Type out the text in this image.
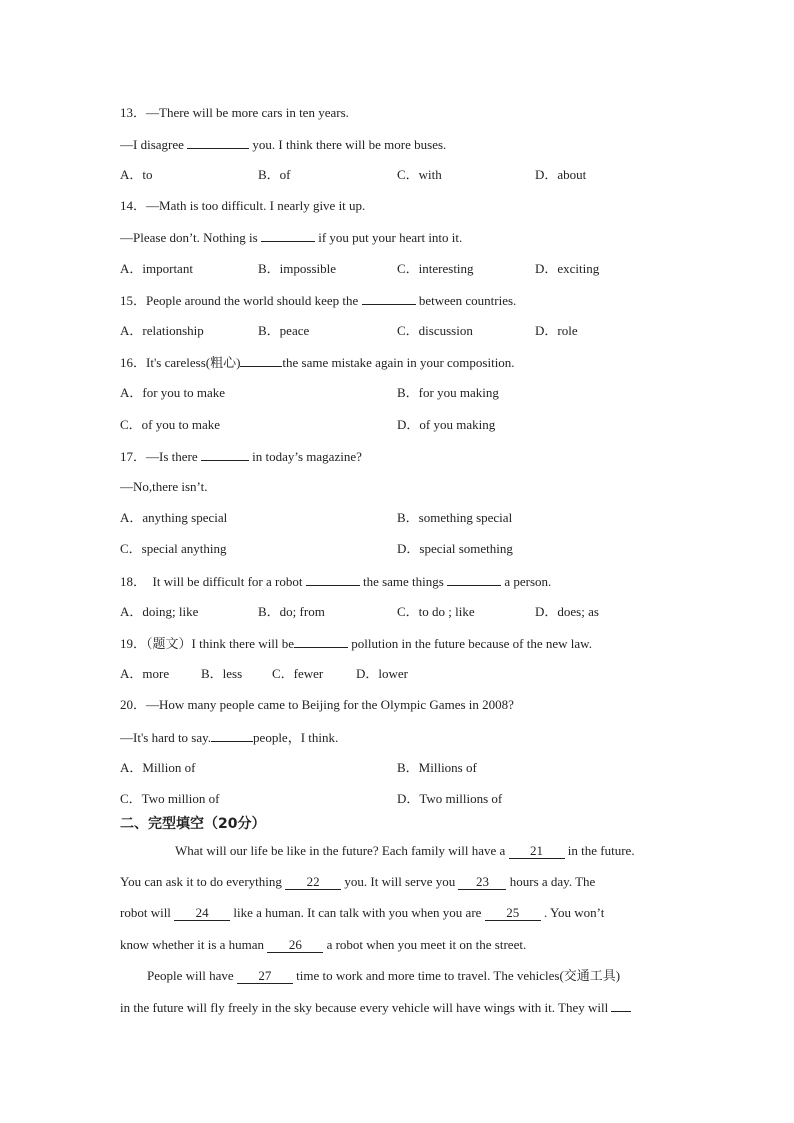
13．—There will be more cars in ten years.
—I disagree	you. I think there will be more buses.
A．to	B．of	C．with	D．about
14．—Math is too difficult. I nearly give it up.
—Please don’t. Nothing is	if you put your heart into it.
A．important	B．impossible	C．interesting	D．exciting
15．People around the world should keep the	between countries.
A．relationship	B．peace	C．discussion	D．role
16．It's careless(粗心)	the same mistake again in your composition.
A．for you to make	B．for you making
C．of you to make	D．of you making
17．—Is there	in today’s magazine?
—No,there isn’t.
A．anything special	B．something special
C．special anything	D．special something
18． It will be difficult for a robot	the same things	a person.
A．doing; like	B．do; from	C．to do ; like	D．does; as
19．（题文）I think there will be	pollution in the future because of the new law.
A．more B．less C．fewer	D．lower
20．—How many people came to Beijing for the Olympic Games in 2008?
—It's hard to say.	people，I think.
A．Million of	B．Millions of
C．Two million of	D．Two millions of
二、完型填空（20分）
What will our life be like in the future? Each family will have a 21 in the future.
You can ask it to do everything 22 you. It will serve you 23 hours a day. The
robot will 24 like a human. It can talk with you when you are 25 . You won’t
know whether it is a human 26 a robot when you meet it on the street.
People will have 27 time to work and more time to travel. The vehicles(交通工具)
in the future will fly freely in the sky because every vehicle will have wings with it. They will
